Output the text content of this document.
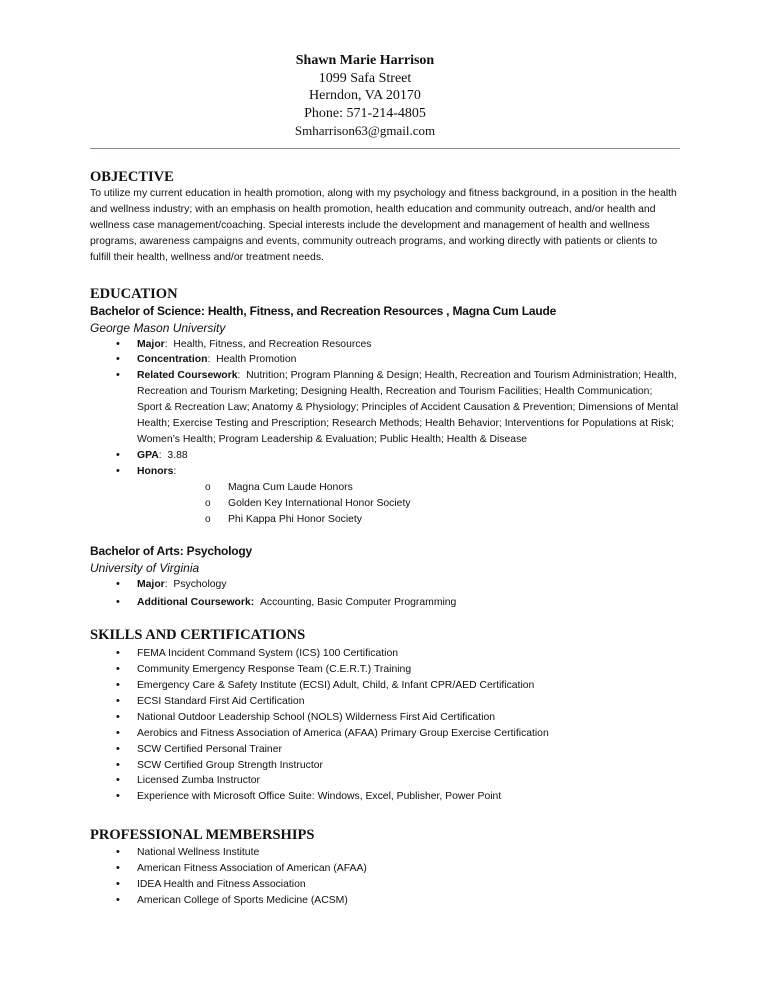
Shawn Marie Harrison
1099 Safa Street
Herndon, VA 20170
Phone: 571-214-4805
Smharrison63@gmail.com
OBJECTIVE

To utilize my current education in health promotion, along with my psychology and fitness background, in a position in the health and wellness industry; with an emphasis on health promotion, health education and community outreach, and/or health and wellness case management/coaching. Special interests include the development and management of health and wellness programs, awareness campaigns and events, community outreach programs, and working directly with patients or clients to fulfill their health, wellness and/or treatment needs.

EDUCATION
Bachelor of Science: Health, Fitness, and Recreation Resources , Magna Cum Laude
George Mason University
• Major:  Health, Fitness, and Recreation Resources
• Concentration:  Health Promotion
• Related Coursework:  Nutrition; Program Planning & Design; Health, Recreation and Tourism Administration; Health, Recreation and Tourism Marketing; Designing Health, Recreation and Tourism Facilities; Health Communication; Sport & Recreation Law; Anatomy & Physiology; Principles of Accident Causation & Prevention; Dimensions of Mental Health; Exercise Testing and Prescription; Research Methods; Health Behavior; Interventions for Populations at Risk; Women’s Health; Program Leadership & Evaluation; Public Health; Health & Disease
• GPA:  3.88
• Honors:
o Magna Cum Laude Honors
o Golden Key International Honor Society
o Phi Kappa Phi Honor Society
Bachelor of Arts: Psychology
University of Virginia
• Major:  Psychology
• Additional Coursework: Accounting, Basic Computer Programming
SKILLS AND CERTIFICATIONS
• FEMA Incident Command System (ICS) 100 Certification
• Community Emergency Response Team (C.E.R.T.) Training
• Emergency Care & Safety Institute (ECSI) Adult, Child, & Infant CPR/AED Certification
• ECSI Standard First Aid Certification
• National Outdoor Leadership School (NOLS) Wilderness First Aid Certification
• Aerobics and Fitness Association of America (AFAA) Primary Group Exercise Certification
• SCW Certified Personal Trainer
• SCW Certified Group Strength Instructor
• Licensed Zumba Instructor
• Experience with Microsoft Office Suite: Windows, Excel, Publisher, Power Point
PROFESSIONAL MEMBERSHIPS
• National Wellness Institute
• American Fitness Association of American (AFAA)
• IDEA Health and Fitness Association
• American College of Sports Medicine (ACSM)
